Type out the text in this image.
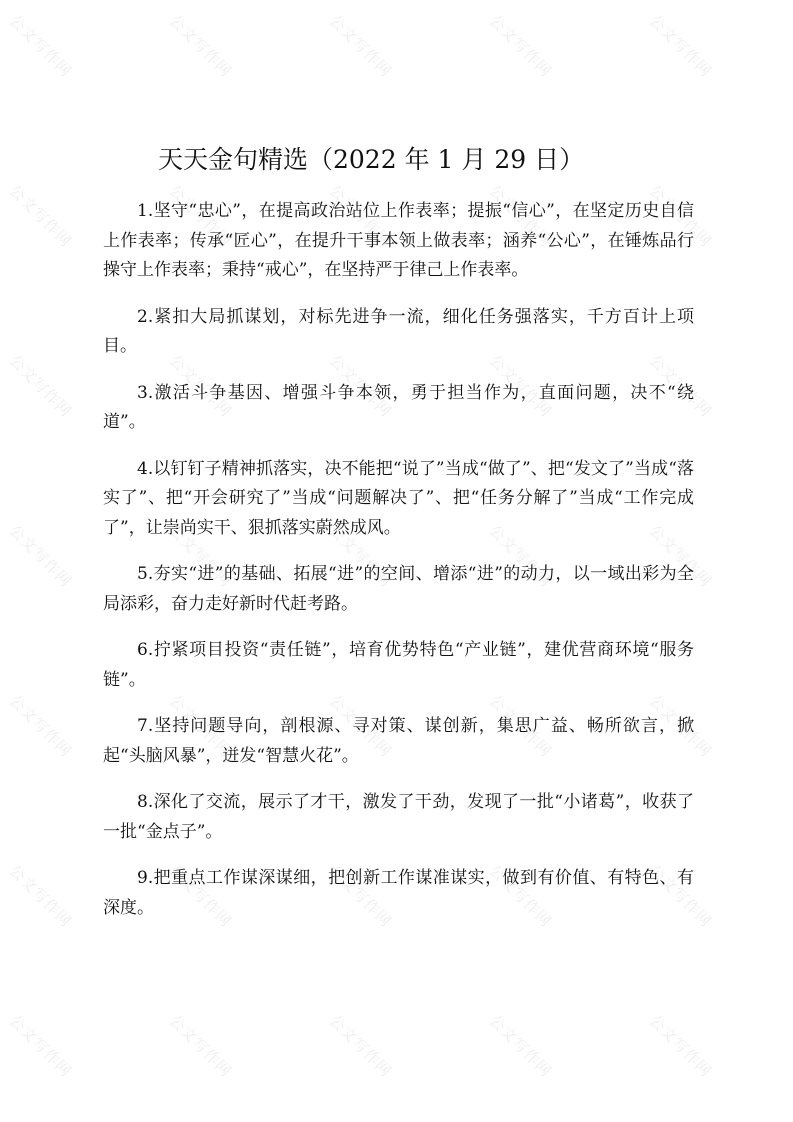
公文写作网	公文写作网	公文写作网	公文写作网	公文写作网
公文写作网	公文写作网	公文写作网	公文写作网	公文写作网
公文写作网	公文写作网	公文写作网	公文写作网	公文写作网
公文写作网	公文写作网	公文写作网	公文写作网	公文写作网
公文写作网	公文写作网	公文写作网	公文写作网	公文写作网
公文写作网	公文写作网	公文写作网	公文写作网	公文写作网
公文写作网	公文写作网	公文写作网	公文写作网	公文写作网
天天金句精选（2022 年 1 月 29 日）

1.坚守“忠心”，在提高政治站位上作表率；提振“信心”，在坚定历史自信上作表率；传承“匠心”，在提升干事本领上做表率；涵养“公心”，在锤炼品行操守上作表率；秉持“戒心”，在坚持严于律己上作表率。

2.紧扣大局抓谋划，对标先进争一流，细化任务强落实，千方百计上项目。

3.激活斗争基因、增强斗争本领，勇于担当作为，直面问题，决不“绕道”。

4.以钉钉子精神抓落实，决不能把“说了”当成“做了”、把“发文了”当成“落实了”、把“开会研究了”当成“问题解决了”、把“任务分解了”当成“工作完成了”，让崇尚实干、狠抓落实蔚然成风。

5.夯实“进”的基础、拓展“进”的空间、增添“进”的动力，以一域出彩为全局添彩，奋力走好新时代赶考路。

6.拧紧项目投资“责任链”，培育优势特色“产业链”，建优营商环境“服务链”。

7.坚持问题导向，剖根源、寻对策、谋创新，集思广益、畅所欲言，掀起“头脑风暴”，迸发“智慧火花”。

8.深化了交流，展示了才干，激发了干劲，发现了一批“小诸葛”，收获了一批“金点子”。

9.把重点工作谋深谋细，把创新工作谋准谋实，做到有价值、有特色、有深度。
